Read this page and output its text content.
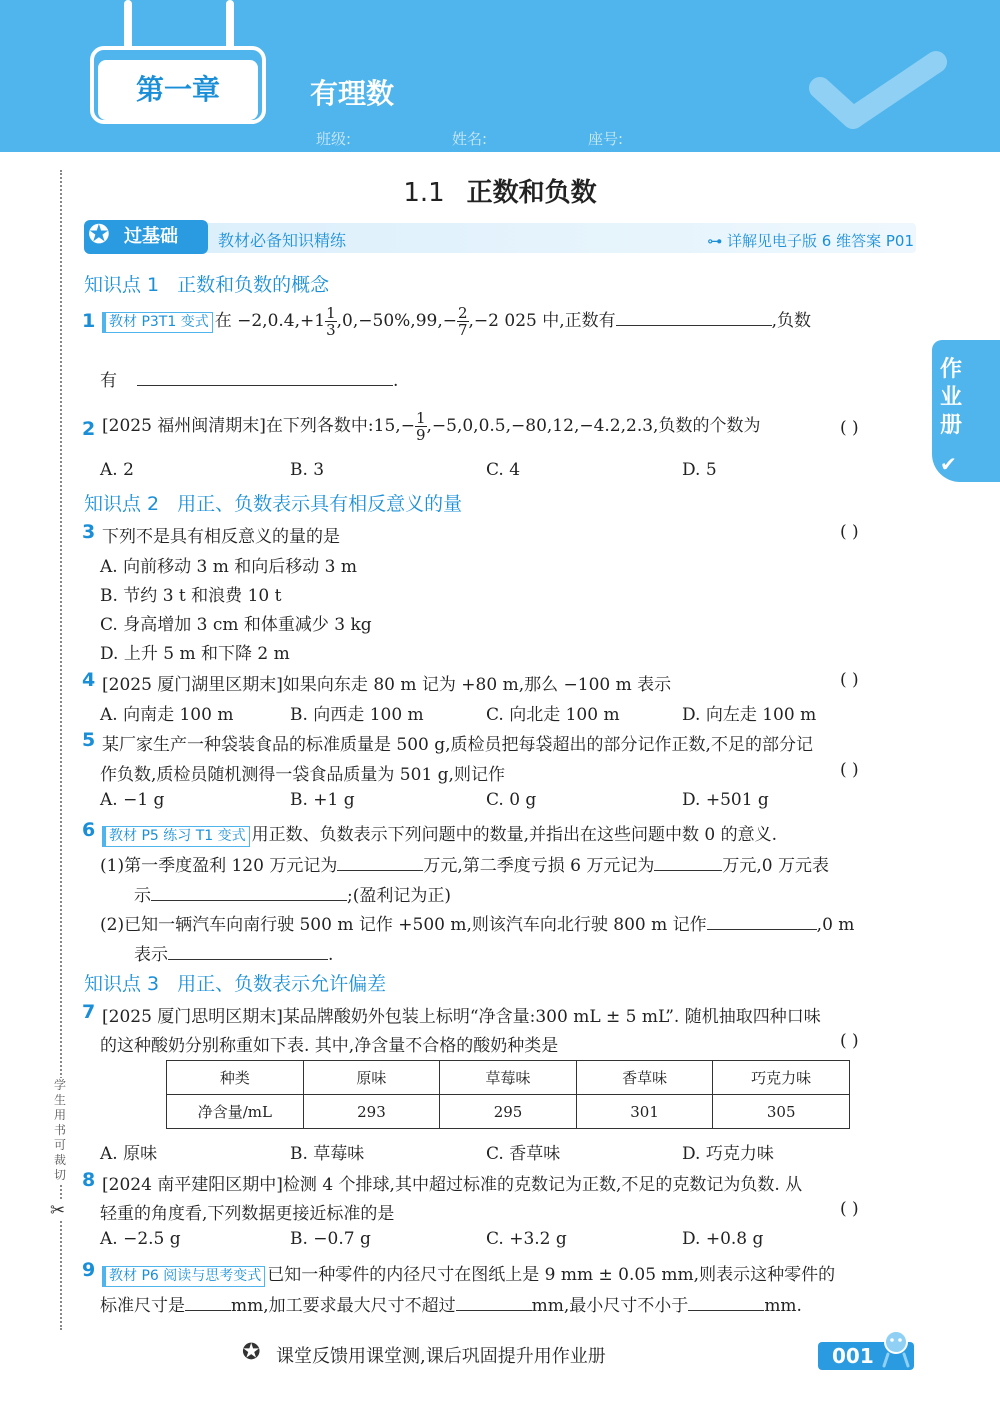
第一章	有理数
班级:	姓名:	座号:
作业册
✔
学生用书可裁切
✂
1.1 正数和负数
过基础
✪	教材必备知识精练	⊶ 详解见电子版 6 维答案 P01
知识点 1 正数和负数的概念
1 教材 P3T1 变式 在 $-2,0.4,+1 \frac{1}{3} ,0,-50\%,99,- \frac{2}{7} ,-2$ 025 中,正数有	,负数
有	.
2 [2025 福州闽清期末]在下列各数中:15,− $\frac{1}{9} ,-5,0,0.5,-80,12,-4.2,2.3$,负数的个数为	( )
A. 2	B. 3	C. 4	D. 5
知识点 2 用正、负数表示具有相反意义的量
3 下列不是具有相反意义的量的是	( )
A. 向前移动 3 m 和向后移动 3 m
B. 节约 3 t 和浪费 10 t
C. 身高增加 3 cm 和体重减少 3 kg
D. 上升 5 m 和下降 2 m
4 [2025 厦门湖里区期末]如果向东走 80 m 记为 +80 m,那么 −100 m 表示	( )
A. 向南走 100 m	B. 向西走 100 m	C. 向北走 100 m	D. 向左走 100 m
5 某厂家生产一种袋装食品的标准质量是 500 g,质检员把每袋超出的部分记作正数,不足的部分记
作负数,质检员随机测得一袋食品质量为 501 g,则记作	( )
A. −1 g	B. +1 g	C. 0 g	D. +501 g
6 教材 P5 练习 T1 变式 用正数、负数表示下列问题中的数量,并指出在这些问题中数 0 的意义.
(1)第一季度盈利 120 万元记为	万元,第二季度亏损 6 万元记为	万元,0 万元表
示	;(盈利记为正)
(2)已知一辆汽车向南行驶 500 m 记作 +500 m,则该汽车向北行驶 800 m 记作	,0 m
表示	.
知识点 3 用正、负数表示允许偏差
7 [2025 厦门思明区期末]某品牌酸奶外包装上标明“净含量:300 mL ± 5 mL”. 随机抽取四种口味
的这种酸奶分别称重如下表. 其中,净含量不合格的酸奶种类是	( )
种类	原味	草莓味	香草味	巧克力味
净含量/mL	293	295	301	305
A. 原味	B. 草莓味	C. 香草味	D. 巧克力味
8 [2024 南平建阳区期中]检测 4 个排球,其中超过标准的克数记为正数,不足的克数记为负数. 从
轻重的角度看,下列数据更接近标准的是	( )
A. −2.5 g	B. −0.7 g	C. +3.2 g	D. +0.8 g
9 教材 P6 阅读与思考变式 已知一种零件的内径尺寸在图纸上是 9 mm ± 0.05 mm,则表示这种零件的
标准尺寸是	mm,加工要求最大尺寸不超过	mm,最小尺寸不小于	mm.
✪ 课堂反馈用课堂测,课后巩固提升用作业册	001
